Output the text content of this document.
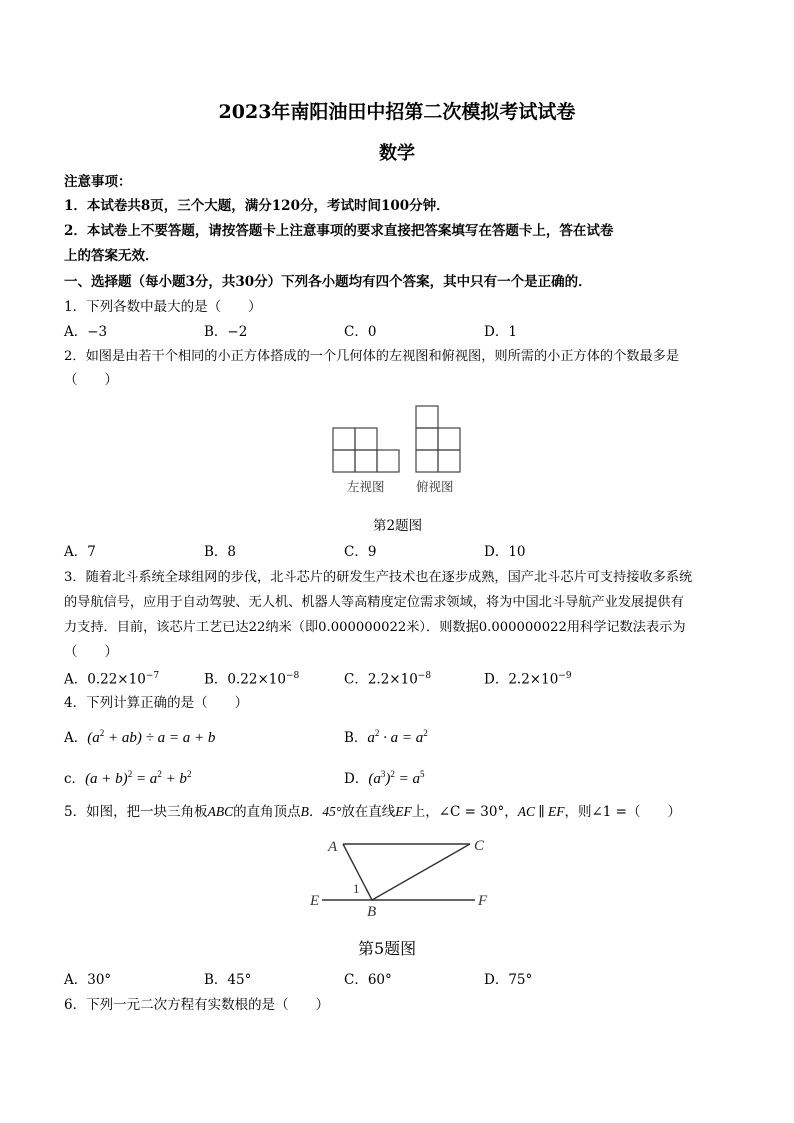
2023年南阳油田中招第二次模拟考试试卷
数学
注意事项：
1．本试卷共8页，三个大题，满分120分，考试时间100分钟．
2．本试卷上不要答题，请按答题卡上注意事项的要求直接把答案填写在答题卡上，答在试卷
上的答案无效．
一、选择题（每小题3分，共30分）下列各小题均有四个答案，其中只有一个是正确的．
1．下列各数中最大的是（　　）
A．−3	B．−2	C．0	D．1
2．如图是由若干个相同的小正方体搭成的一个几何体的左视图和俯视图，则所需的小正方体的个数最多是
（　　）
左视图	俯视图
第2题图
A．7	B．8	C．9	D．10
3．随着北斗系统全球组网的步伐，北斗芯片的研发生产技术也在逐步成熟，国产北斗芯片可支持接收多系统
的导航信号，应用于自动驾驶、无人机、机器人等高精度定位需求领域，将为中国北斗导航产业发展提供有
力支持．目前，该芯片工艺已达22纳米（即0.000000022米）．则数据0.000000022用科学记数法表示为
（　　）
A．$0.22\times 10^{-7}$	B．$0.22\times 10^{-8}$	C．$2.2\times 10^{-8}$	D．$2.2\times 10^{-9}$
4．下列计算正确的是（　　）
A．$(a^2 + ab) \div a = a + b$	B．$a^2 \cdot a = a^2$
c．$(a + b)^2 = a^2 + b^2$	D．$(a^3)^2 = a^5$
5．如图，把一块三角板ABC的直角顶点B．45°放在直线EF上，∠C = 30°，AC ∥ EF，则∠1 =（　　）
A	C
E	F
B
1
第5题图
A．30°	B．45°	C．60°	D．75°
6．下列一元二次方程有实数根的是（　　）
